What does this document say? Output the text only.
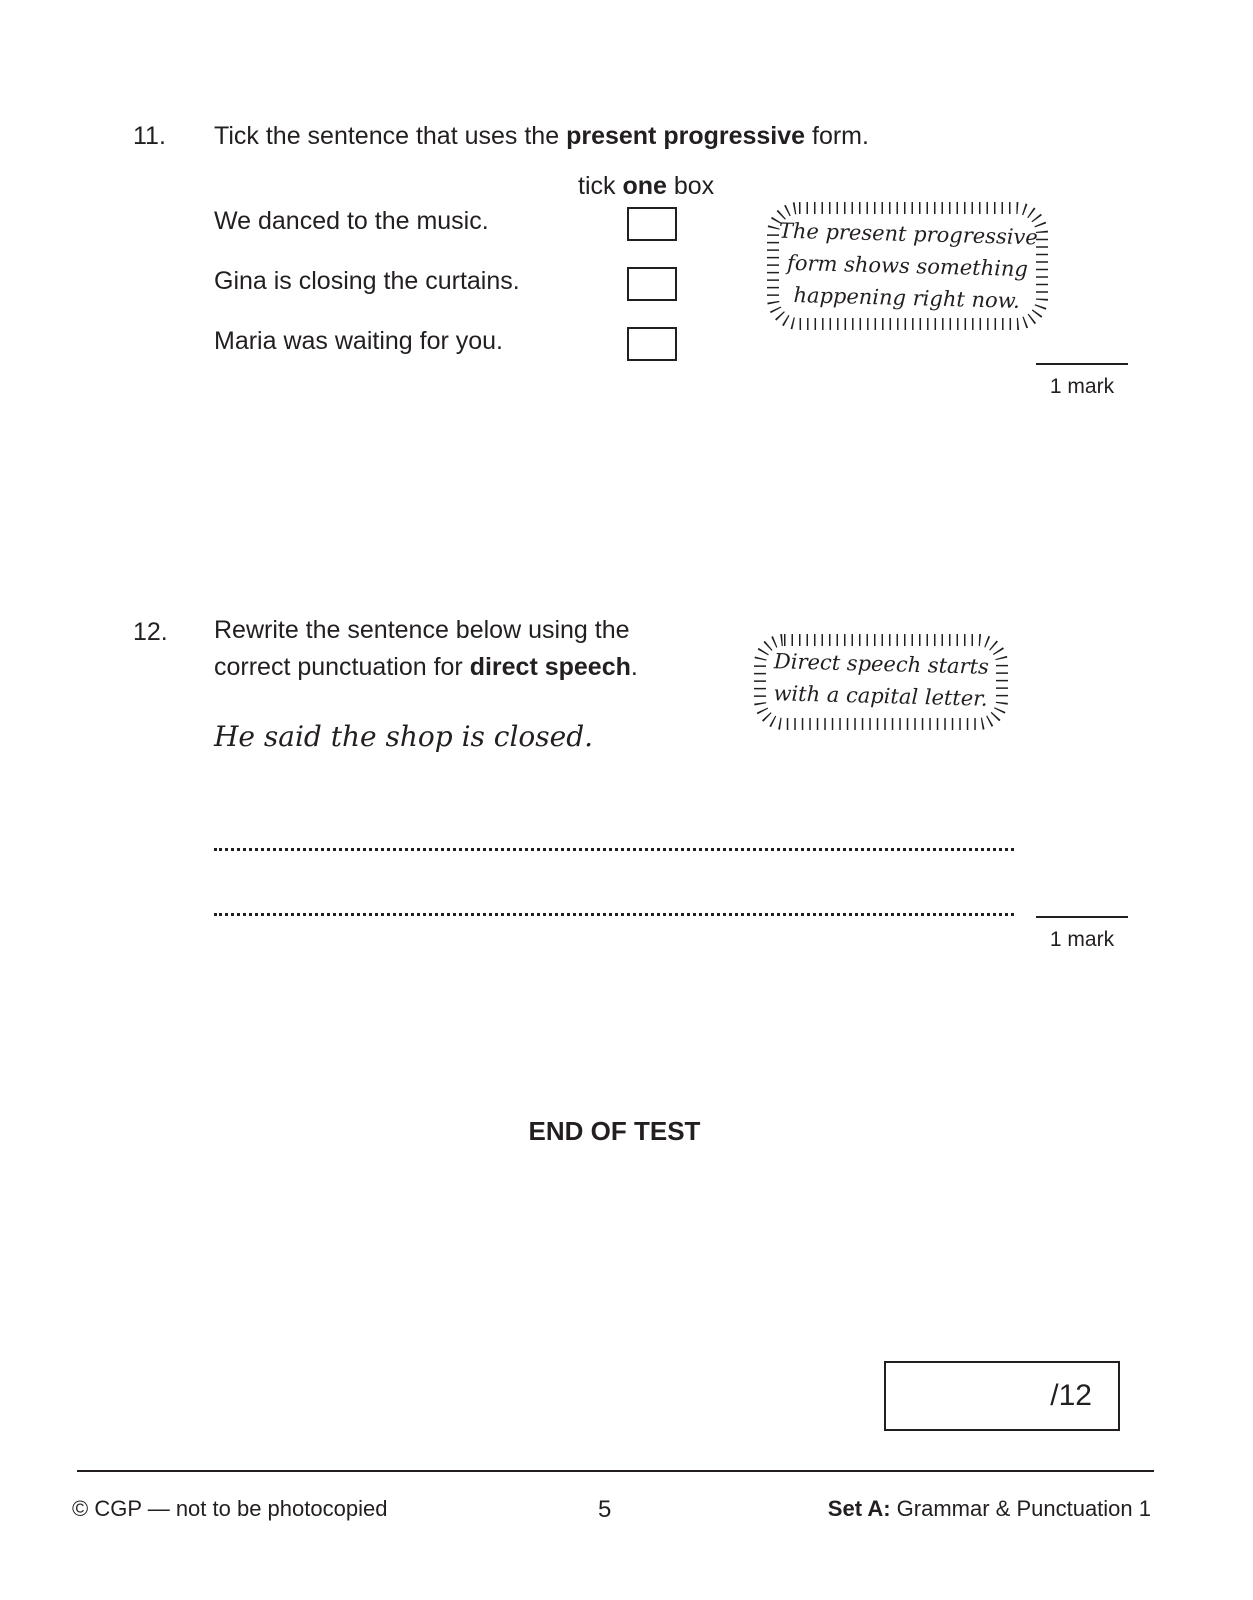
11. Tick the sentence that uses the present progressive form.
tick one box
We danced to the music.
Gina is closing the curtains.
Maria was waiting for you.
The present progressive
form shows something
happening right now.
1 mark
12. Rewrite the sentence below using the
correct punctuation for direct speech.
He said the shop is closed.
Direct speech starts
with a capital letter.
1 mark
END OF TEST
/12
© CGP — not to be photocopied	5	Set A: Grammar & Punctuation 1
